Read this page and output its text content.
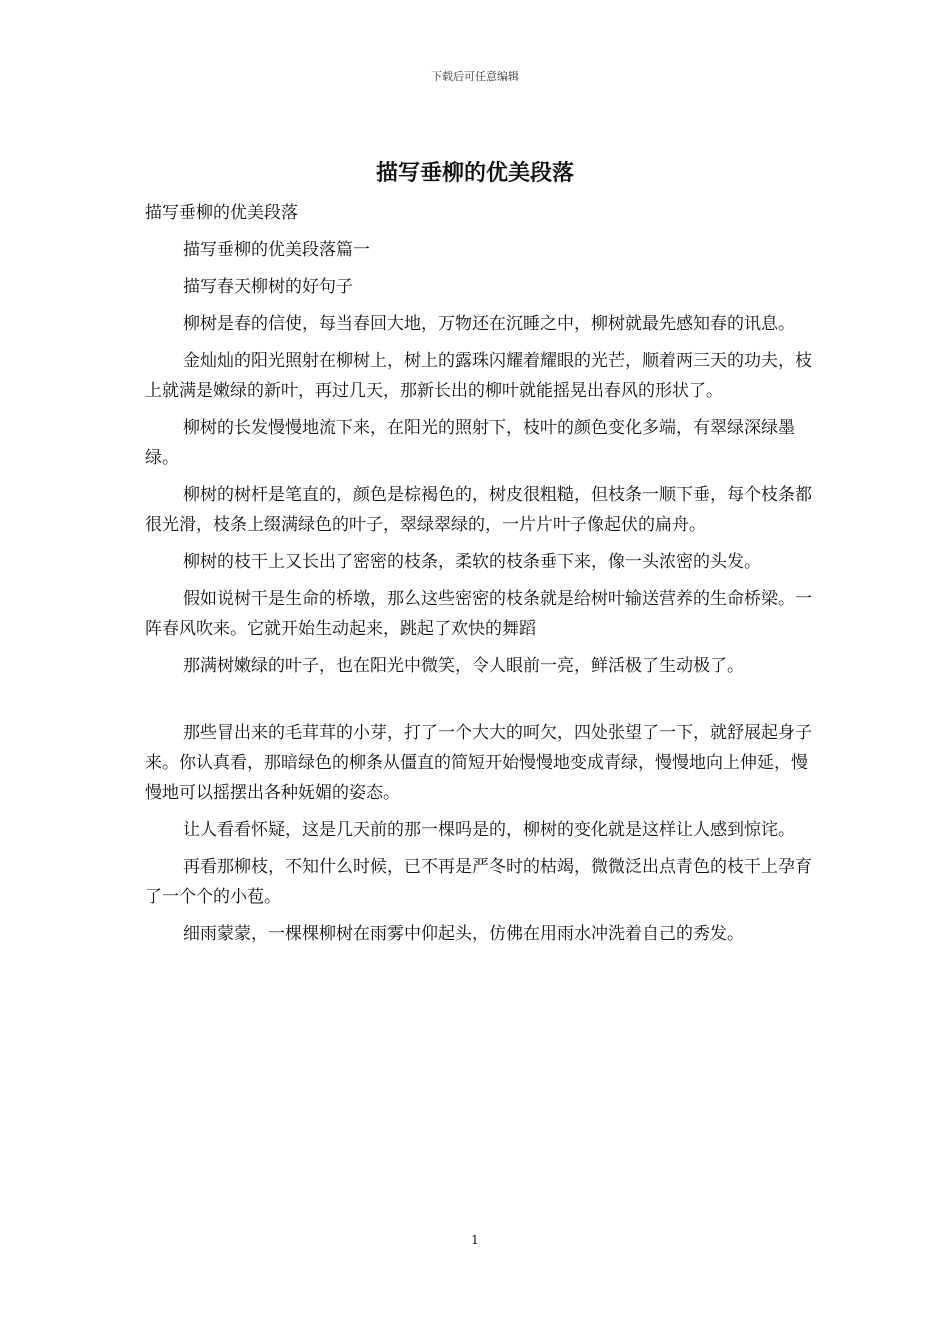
下载后可任意编辑
描写垂柳的优美段落

描写垂柳的优美段落

描写垂柳的优美段落篇一

描写春天柳树的好句子

柳树是春的信使，每当春回大地，万物还在沉睡之中，柳树就最先感知春的讯息。

金灿灿的阳光照射在柳树上，树上的露珠闪耀着耀眼的光芒，顺着两三天的功夫，枝上就满是嫩绿的新叶，再过几天，那新长出的柳叶就能摇晃出春风的形状了。

柳树的长发慢慢地流下来，在阳光的照射下，枝叶的颜色变化多端，有翠绿深绿墨绿。

柳树的树杆是笔直的，颜色是棕褐色的，树皮很粗糙，但枝条一顺下垂，每个枝条都很光滑，枝条上缀满绿色的叶子，翠绿翠绿的，一片片叶子像起伏的扁舟。

柳树的枝干上又长出了密密的枝条，柔软的枝条垂下来，像一头浓密的头发。

假如说树干是生命的桥墩，那么这些密密的枝条就是给树叶输送营养的生命桥梁。一阵春风吹来。它就开始生动起来，跳起了欢快的舞蹈

那满树嫩绿的叶子，也在阳光中微笑，令人眼前一亮，鲜活极了生动极了。

那些冒出来的毛茸茸的小芽，打了一个大大的呵欠，四处张望了一下，就舒展起身子来。你认真看，那暗绿色的柳条从僵直的简短开始慢慢地变成青绿，慢慢地向上伸延，慢慢地可以摇摆出各种妩媚的姿态。

让人看看怀疑，这是几天前的那一棵吗是的，柳树的变化就是这样让人感到惊诧。

再看那柳枝，不知什么时候，已不再是严冬时的枯竭，微微泛出点青色的枝干上孕育了一个个的小苞。

细雨蒙蒙，一棵棵柳树在雨雾中仰起头，仿佛在用雨水冲洗着自己的秀发。

1
